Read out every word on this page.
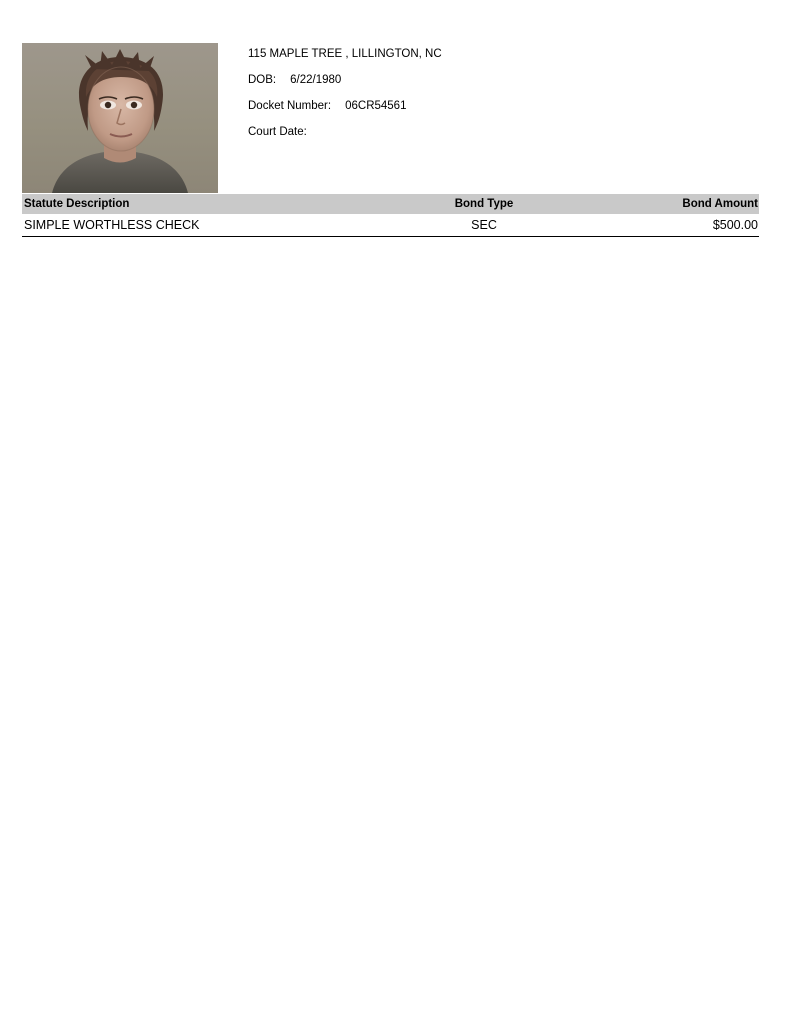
115 MAPLE TREE , LILLINGTON, NC
DOB: 6/22/1980
Docket Number: 06CR54561
Court Date:
Statute Description	Bond Type	Bond Amount
SIMPLE WORTHLESS CHECK	SEC	$500.00
